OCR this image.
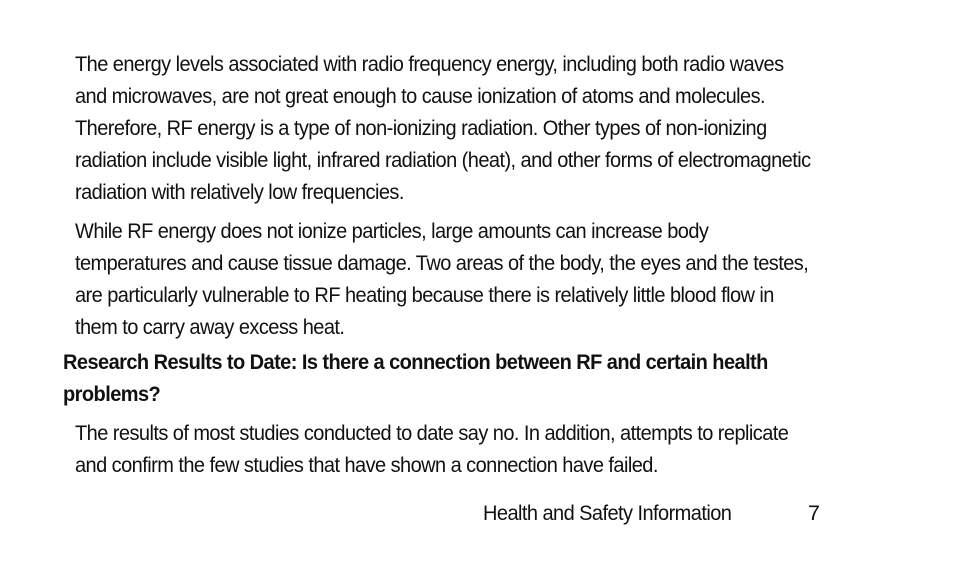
The energy levels associated with radio frequency energy, including both radio waves and microwaves, are not great enough to cause ionization of atoms and molecules. Therefore, RF energy is a type of non-ionizing radiation. Other types of non-ionizing radiation include visible light, infrared radiation (heat), and other forms of electromagnetic radiation with relatively low frequencies.

While RF energy does not ionize particles, large amounts can increase body temperatures and cause tissue damage. Two areas of the body, the eyes and the testes, are particularly vulnerable to RF heating because there is relatively little blood flow in them to carry away excess heat.

Research Results to Date: Is there a connection between RF and certain health problems?

The results of most studies conducted to date say no. In addition, attempts to replicate and confirm the few studies that have shown a connection have failed.

Health and Safety Information	7
